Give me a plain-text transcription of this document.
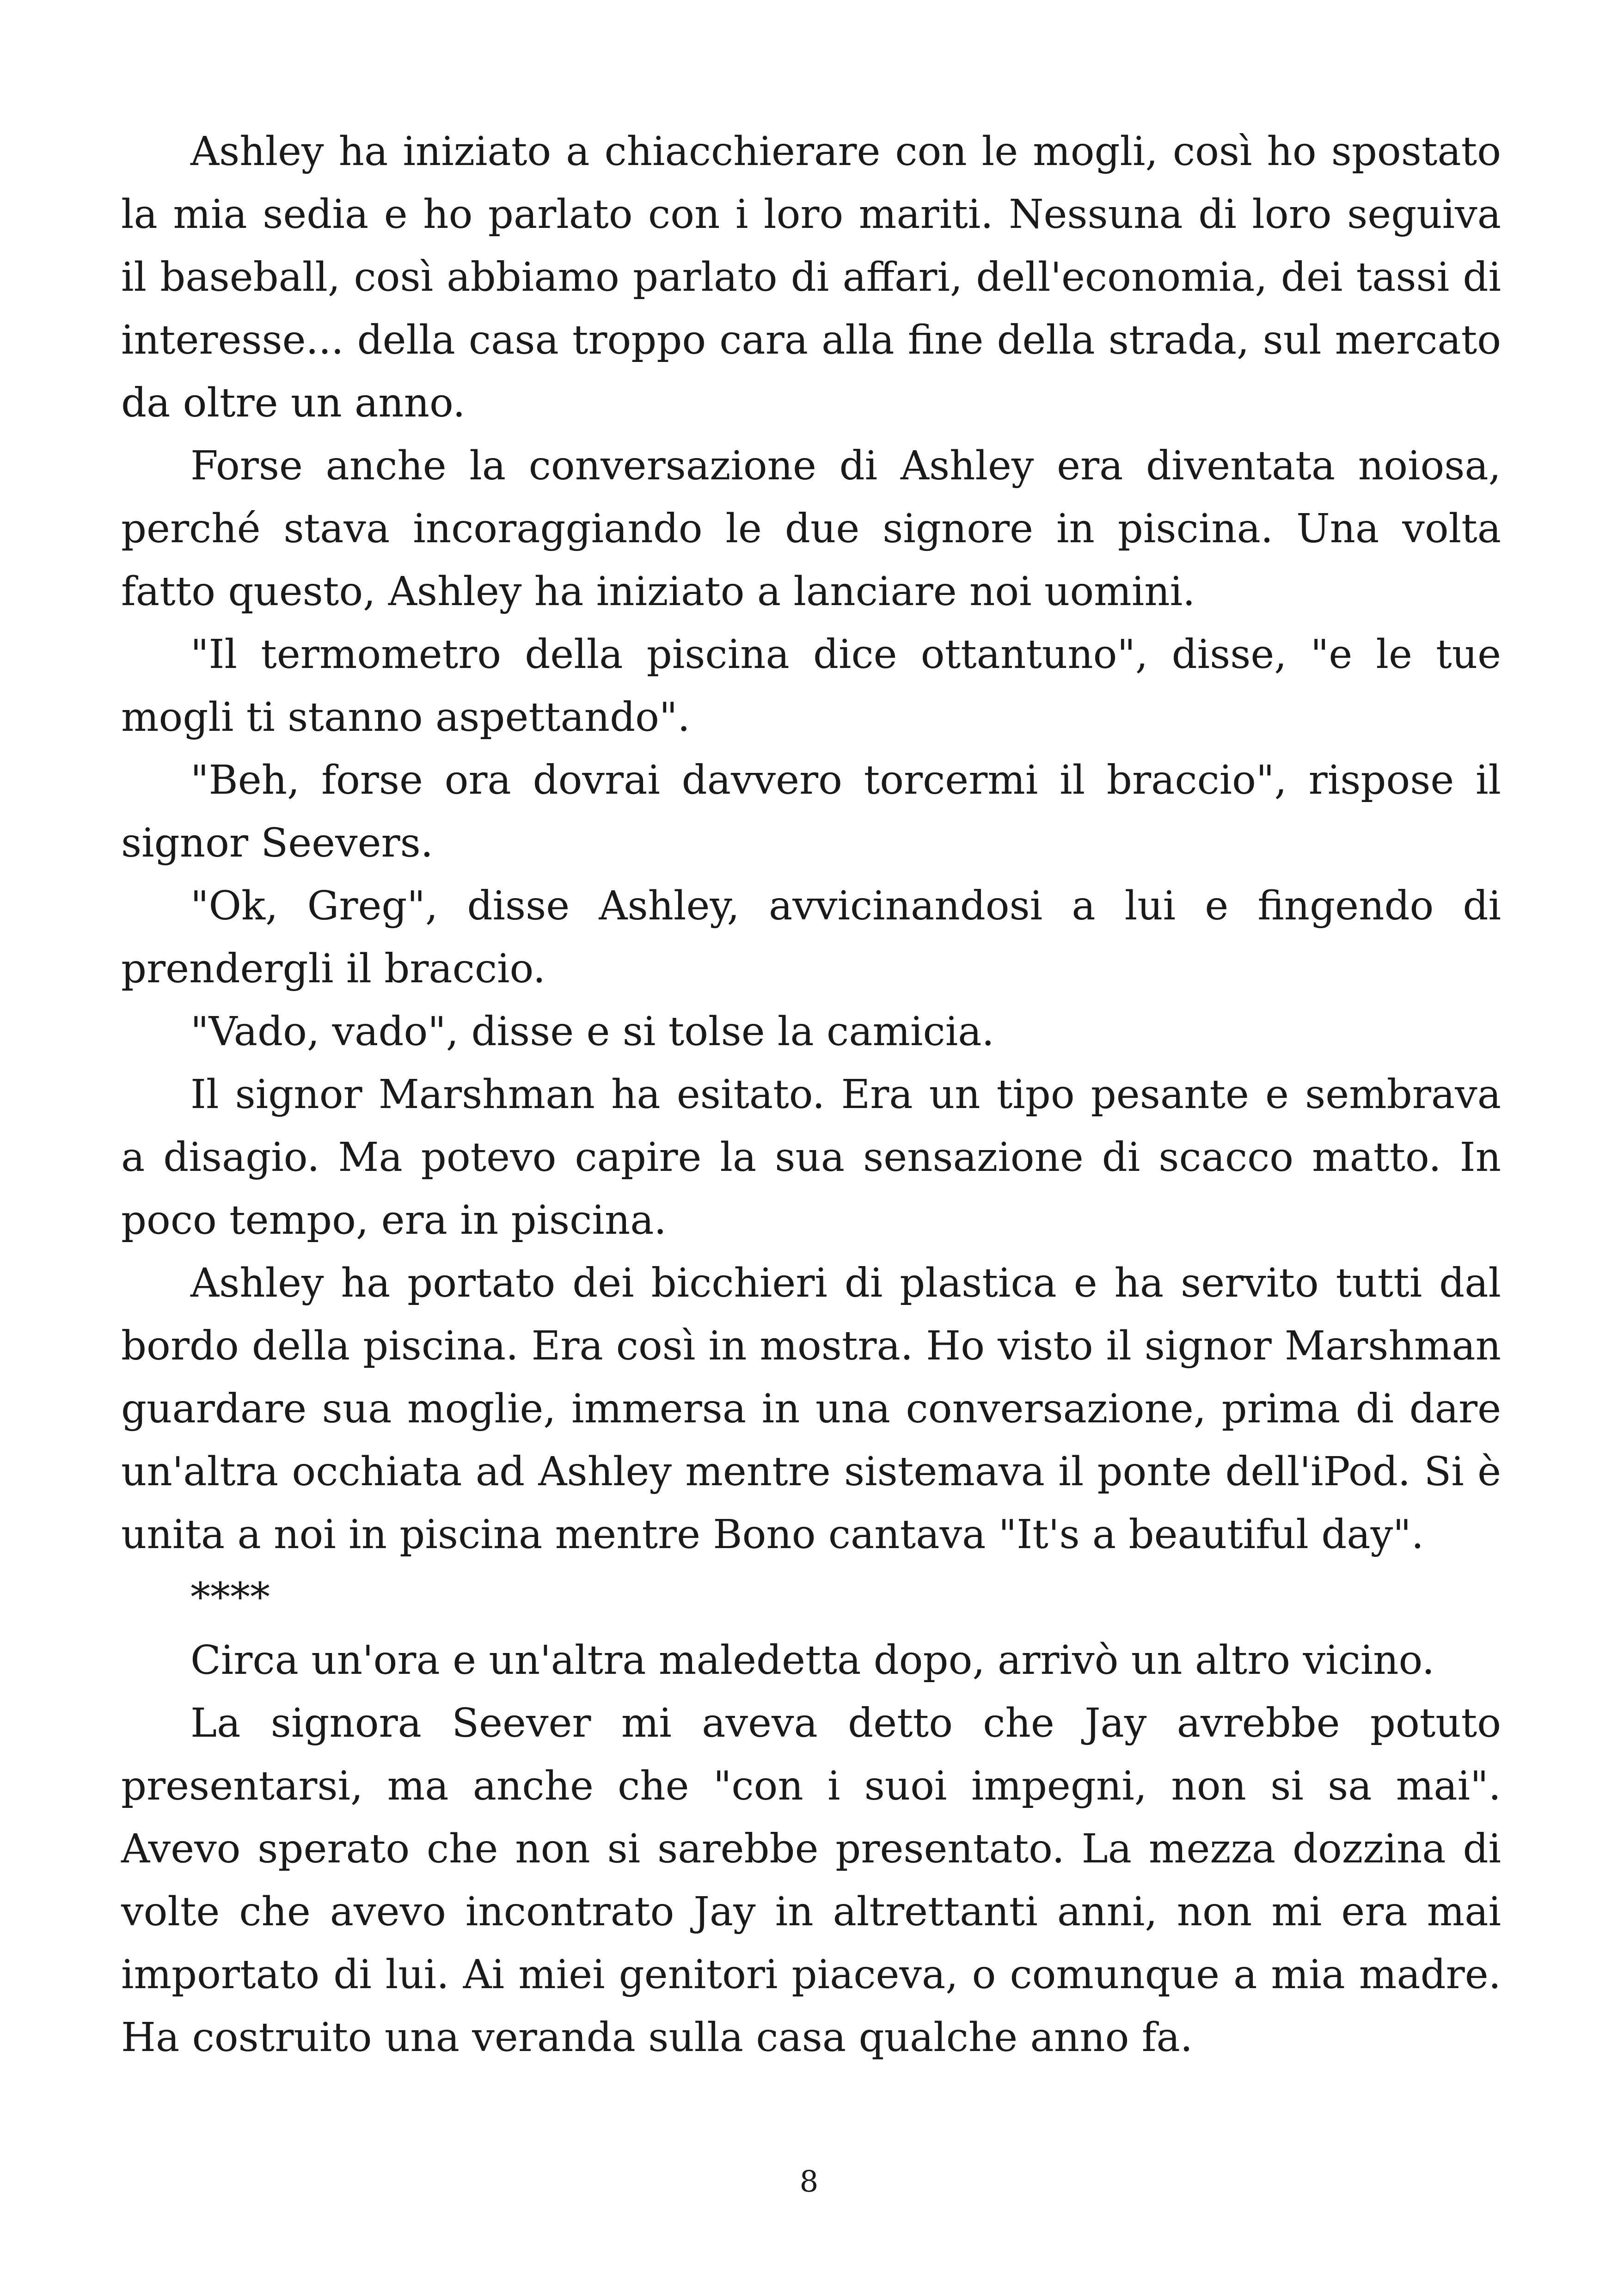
Ashley ha iniziato a chiacchierare con le mogli, così ho spostato la mia sedia e ho parlato con i loro mariti. Nessuna di loro seguiva il baseball, così abbiamo parlato di affari, dell'economia, dei tassi di interesse... della casa troppo cara alla fine della strada, sul mercato da oltre un anno.

Forse anche la conversazione di Ashley era diventata noiosa, perché stava incoraggiando le due signore in piscina. Una volta fatto questo, Ashley ha iniziato a lanciare noi uomini.

"Il termometro della piscina dice ottantuno", disse, "e le tue mogli ti stanno aspettando".

"Beh, forse ora dovrai davvero torcermi il braccio", rispose il signor Seevers.

"Ok, Greg", disse Ashley, avvicinandosi a lui e fingendo di prendergli il braccio.

"Vado, vado", disse e si tolse la camicia.

Il signor Marshman ha esitato. Era un tipo pesante e sembrava a disagio. Ma potevo capire la sua sensazione di scacco matto. In poco tempo, era in piscina.

Ashley ha portato dei bicchieri di plastica e ha servito tutti dal bordo della piscina. Era così in mostra. Ho visto il signor Marshman guardare sua moglie, immersa in una conversazione, prima di dare un'altra occhiata ad Ashley mentre sistemava il ponte dell'iPod. Si è unita a noi in piscina mentre Bono cantava "It's a beautiful day".

****

Circa un'ora e un'altra maledetta dopo, arrivò un altro vicino.

La signora Seever mi aveva detto che Jay avrebbe potuto presentarsi, ma anche che "con i suoi impegni, non si sa mai". Avevo sperato che non si sarebbe presentato. La mezza dozzina di volte che avevo incontrato Jay in altrettanti anni, non mi era mai importato di lui. Ai miei genitori piaceva, o comunque a mia madre. Ha costruito una veranda sulla casa qualche anno fa.

8
